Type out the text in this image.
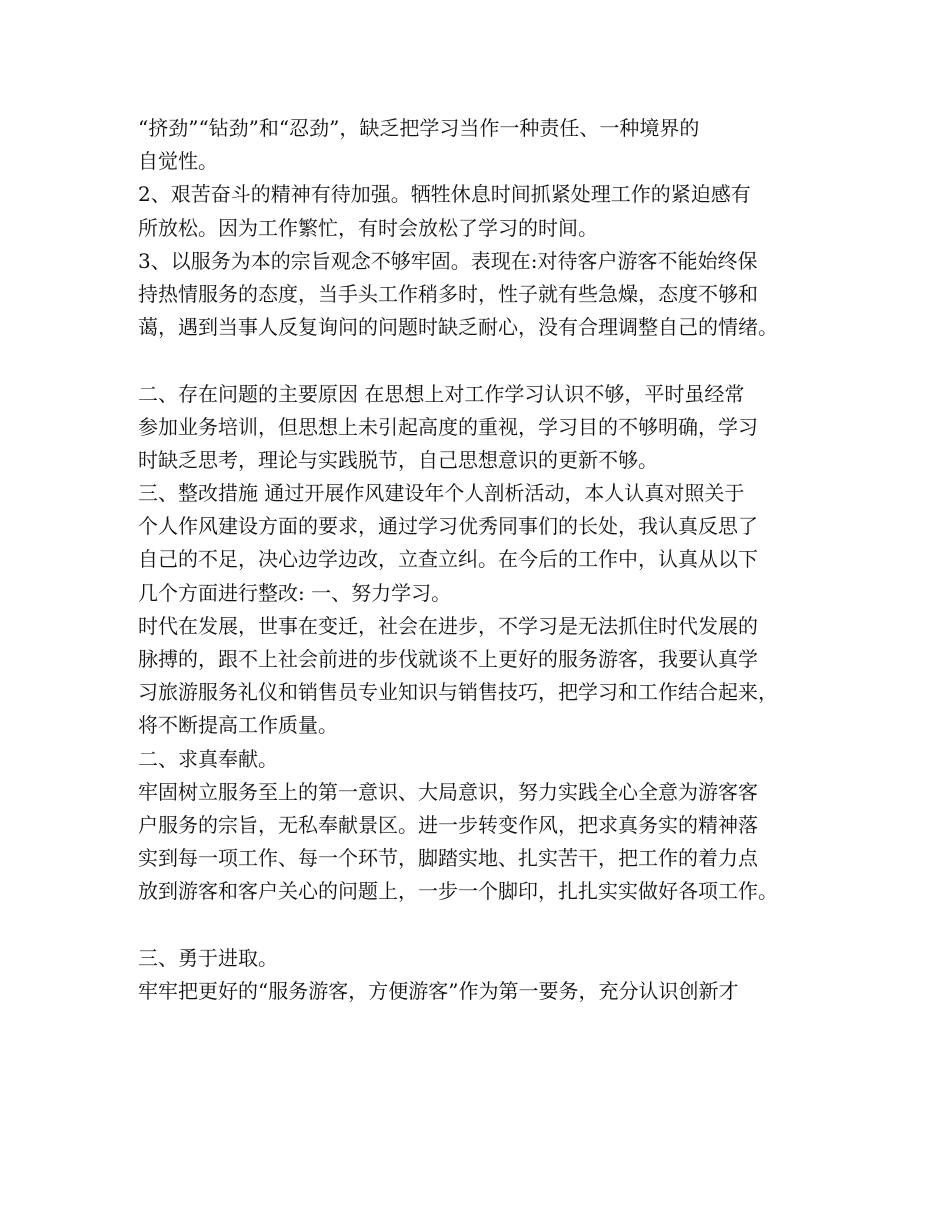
“挤劲”“钻劲”和“忍劲”，缺乏把学习当作一种责任、一种境界的
自觉性。
2、艰苦奋斗的精神有待加强。牺牲休息时间抓紧处理工作的紧迫感有
所放松。因为工作繁忙，有时会放松了学习的时间。
3、以服务为本的宗旨观念不够牢固。表现在:对待客户游客不能始终保
持热情服务的态度，当手头工作稍多时，性子就有些急燥，态度不够和
蔼，遇到当事人反复询问的问题时缺乏耐心，没有合理调整自己的情绪。
二、存在问题的主要原因 在思想上对工作学习认识不够，平时虽经常
参加业务培训，但思想上未引起高度的重视，学习目的不够明确，学习
时缺乏思考，理论与实践脱节，自己思想意识的更新不够。
三、整改措施 通过开展作风建设年个人剖析活动，本人认真对照关于
个人作风建设方面的要求，通过学习优秀同事们的长处，我认真反思了
自己的不足，决心边学边改，立查立纠。在今后的工作中，认真从以下
几个方面进行整改: 一、努力学习。
时代在发展，世事在变迁，社会在进步，不学习是无法抓住时代发展的
脉搏的，跟不上社会前进的步伐就谈不上更好的服务游客，我要认真学
习旅游服务礼仪和销售员专业知识与销售技巧，把学习和工作结合起来，
将不断提高工作质量。
二、求真奉献。
牢固树立服务至上的第一意识、大局意识，努力实践全心全意为游客客
户服务的宗旨，无私奉献景区。进一步转变作风，把求真务实的精神落
实到每一项工作、每一个环节，脚踏实地、扎实苦干，把工作的着力点
放到游客和客户关心的问题上，一步一个脚印，扎扎实实做好各项工作。
三、勇于进取。
牢牢把更好的“服务游客，方便游客”作为第一要务，充分认识创新才
